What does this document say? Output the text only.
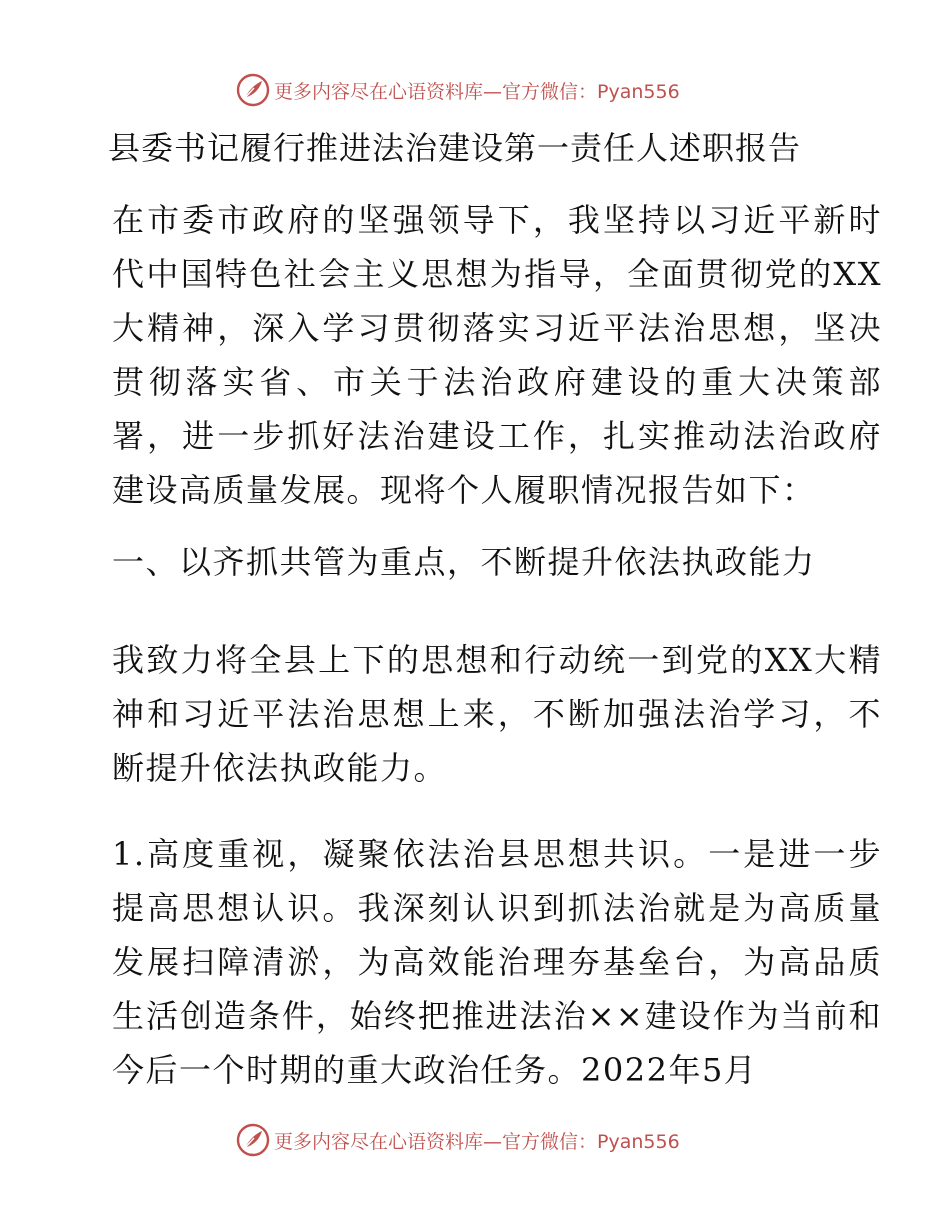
更多内容尽在心语资料库—官方微信：Pyan556
县委书记履行推进法治建设第一责任人述职报告

在市委市政府的坚强领导下，我坚持以习近平新时代中国特色社会主义思想为指导，全面贯彻党的XX大精神，深入学习贯彻落实习近平法治思想，坚决贯彻落实省、市关于法治政府建设的重大决策部署，进一步抓好法治建设工作，扎实推动法治政府建设高质量发展。现将个人履职情况报告如下：

一、以齐抓共管为重点，不断提升依法执政能力

我致力将全县上下的思想和行动统一到党的XX大精神和习近平法治思想上来，不断加强法治学习，不断提升依法执政能力。

1.高度重视，凝聚依法治县思想共识。一是进一步提高思想认识。我深刻认识到抓法治就是为高质量发展扫障清淤，为高效能治理夯基垒台，为高品质生活创造条件，始终把推进法治××建设作为当前和今后一个时期的重大政治任务。2022年5月

更多内容尽在心语资料库—官方微信：Pyan556
